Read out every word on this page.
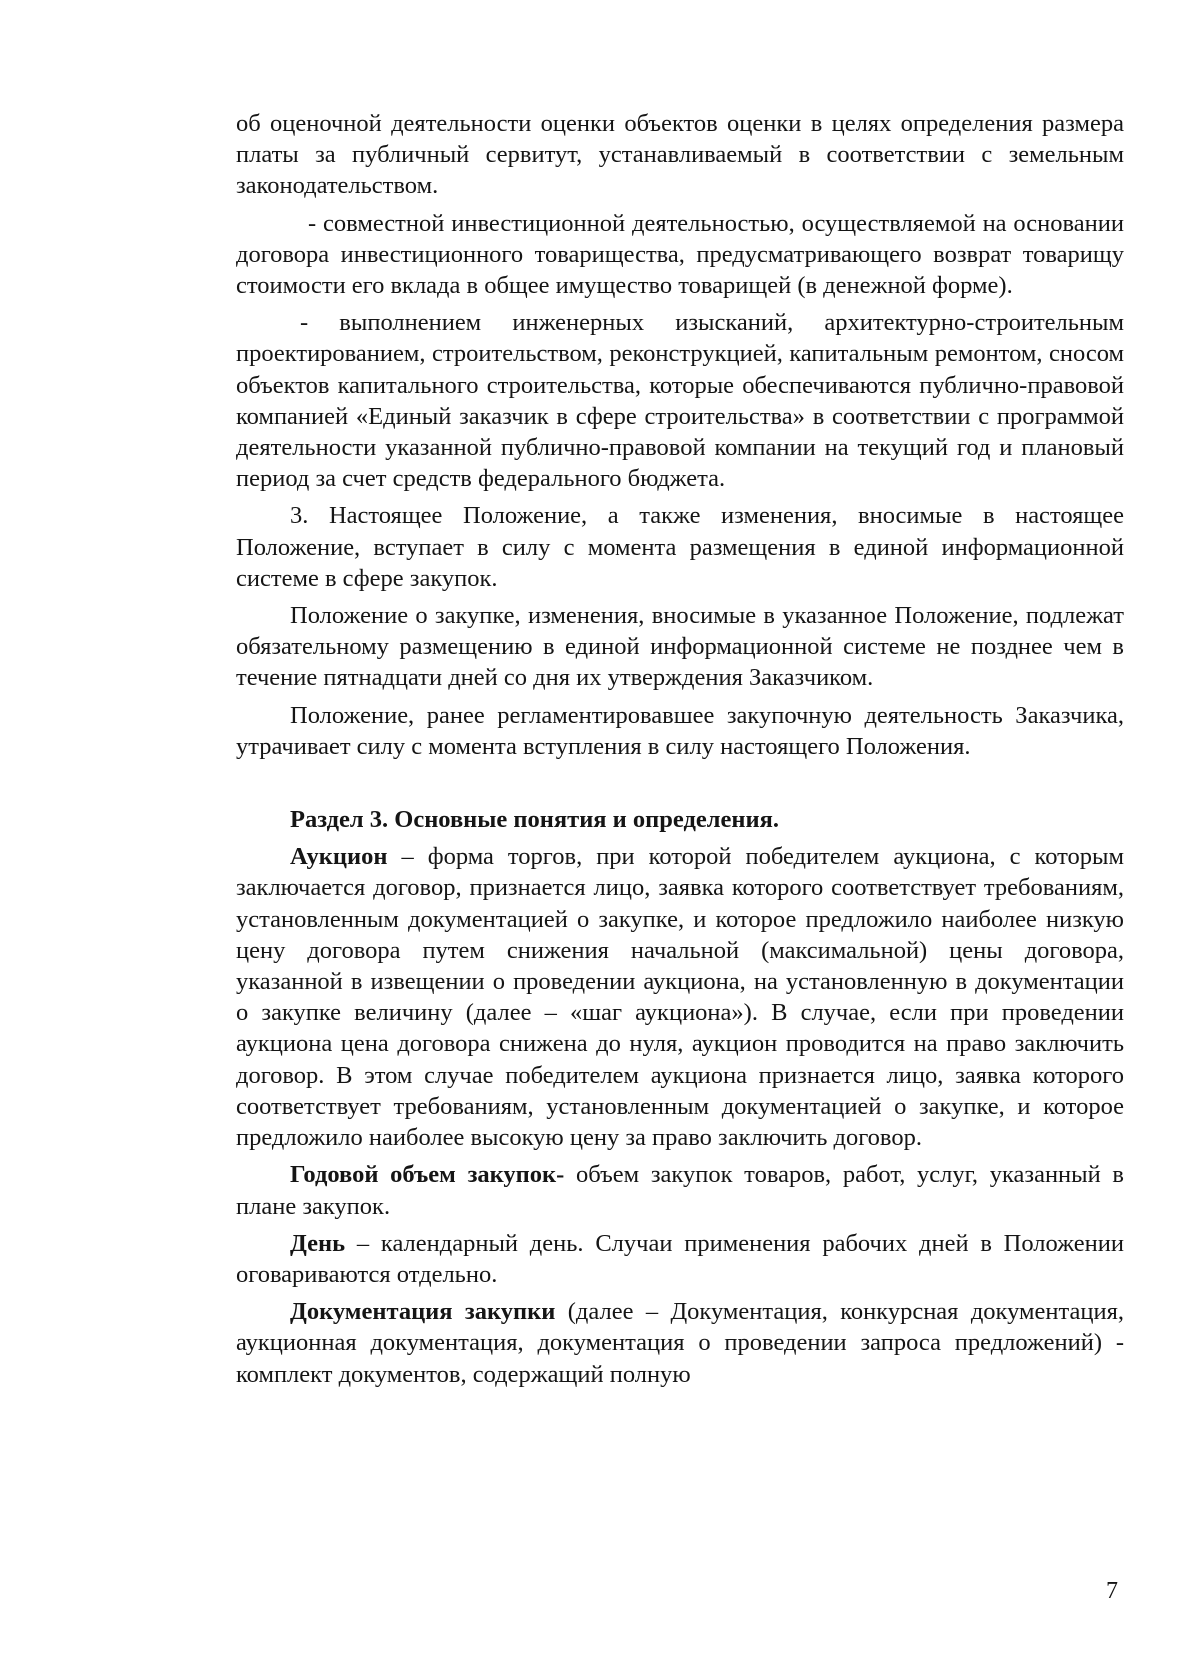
об оценочной деятельности оценки объектов оценки в целях определения размера платы за публичный сервитут, устанавливаемый в соответствии с земельным законодательством.

- совместной инвестиционной деятельностью, осуществляемой на основании договора инвестиционного товарищества, предусматривающего возврат товарищу стоимости его вклада в общее имущество товарищей (в денежной форме).

- выполнением инженерных изысканий, архитектурно-строительным проектированием, строительством, реконструкцией, капитальным ремонтом, сносом объектов капитального строительства, которые обеспечиваются публично-правовой компанией «Единый заказчик в сфере строительства» в соответствии с программой деятельности указанной публично-правовой компании на текущий год и плановый период за счет средств федерального бюджета.

3. Настоящее Положение, а также изменения, вносимые в настоящее Положение, вступает в силу с момента размещения в единой информационной системе в сфере закупок.

Положение о закупке, изменения, вносимые в указанное Положение, подлежат обязательному размещению в единой информационной системе не позднее чем в течение пятнадцати дней со дня их утверждения Заказчиком.

Положение, ранее регламентировавшее закупочную деятельность Заказчика, утрачивает силу с момента вступления в силу настоящего Положения.

Раздел 3. Основные понятия и определения.

Аукцион – форма торгов, при которой победителем аукциона, с которым заключается договор, признается лицо, заявка которого соответствует требованиям, установленным документацией о закупке, и которое предложило наиболее низкую цену договора путем снижения начальной (максимальной) цены договора, указанной в извещении о проведении аукциона, на установленную в документации о закупке величину (далее – «шаг аукциона»). В случае, если при проведении аукциона цена договора снижена до нуля, аукцион проводится на право заключить договор. В этом случае победителем аукциона признается лицо, заявка которого соответствует требованиям, установленным документацией о закупке, и которое предложило наиболее высокую цену за право заключить договор.

Годовой объем закупок- объем закупок товаров, работ, услуг, указанный в плане закупок.

День – календарный день. Случаи применения рабочих дней в Положении оговариваются отдельно.

Документация закупки (далее – Документация, конкурсная документация, аукционная документация, документация о проведении запроса предложений) - комплект документов, содержащий полную

7
